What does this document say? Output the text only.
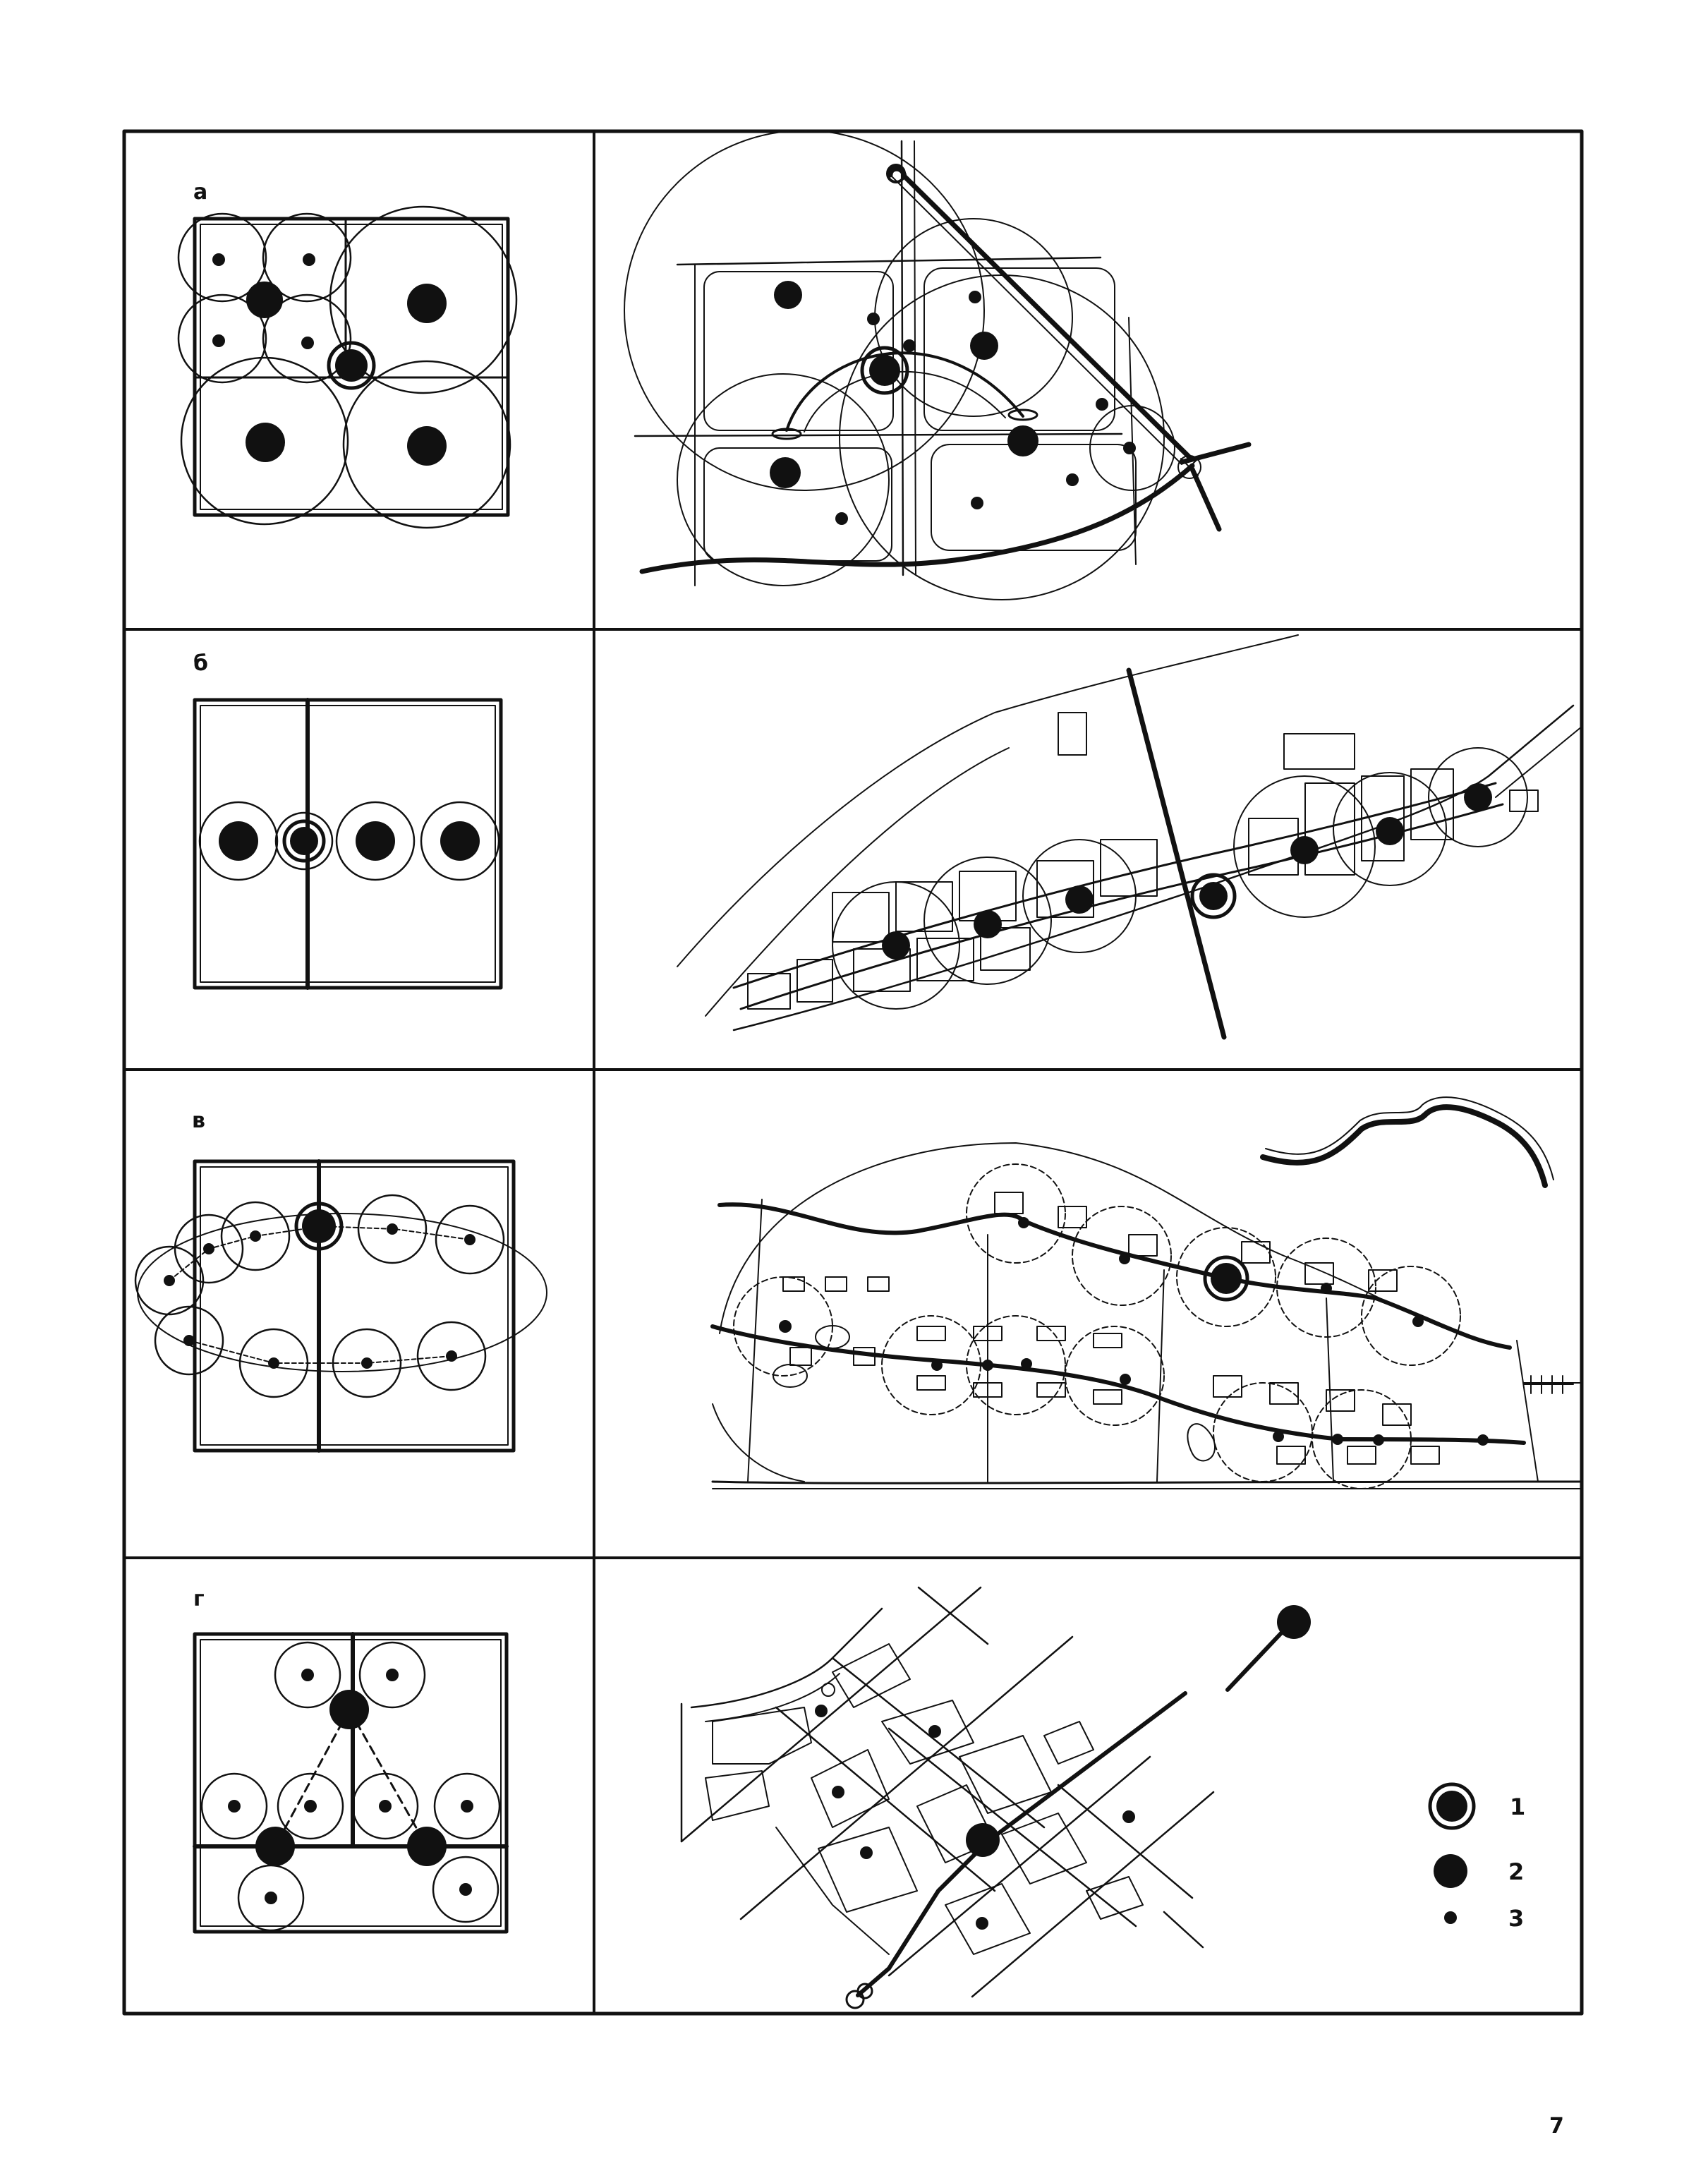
а
б
в
г
1
2
3
7
